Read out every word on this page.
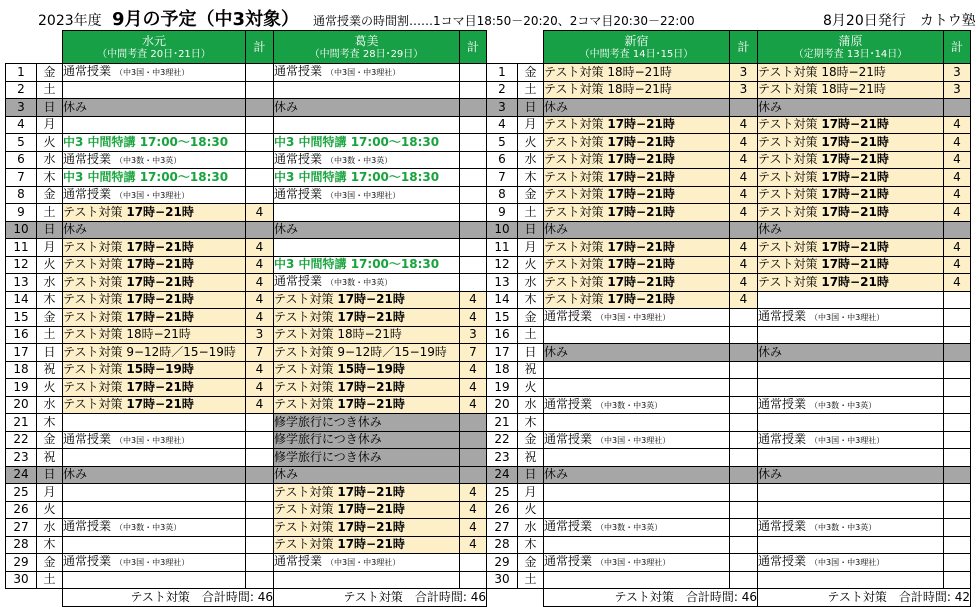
2023年度 9月の予定（中3対象） 通常授業の時間割……1コマ目18:50－20:20、2コマ目20:30－22:00	8月20日発行　カトウ塾
		水元
（中間考査 20日･21日）	計	葛美
（中間考査 28日･29日）	計
1	金	通常授業 （中3国・中3理社）		通常授業 （中3国・中3理社）	
2	土				
3	日	休み		休み	
4	月				
5	火	中3 中間特講 17:00～18:30		中3 中間特講 17:00～18:30	
6	水	通常授業 （中3数・中3英）		通常授業 （中3数・中3英）	
7	木	中3 中間特講 17:00～18:30		中3 中間特講 17:00～18:30	
8	金	通常授業 （中3国・中3理社）		通常授業 （中3国・中3理社）	
9	土	テスト対策 17時−21時	4		
10	日	休み		休み	
11	月	テスト対策 17時−21時	4		
12	火	テスト対策 17時−21時	4	中3 中間特講 17:00～18:30	
13	水	テスト対策 17時−21時	4	通常授業 （中3数・中3英）	
14	木	テスト対策 17時−21時	4	テスト対策 17時−21時	4
15	金	テスト対策 17時−21時	4	テスト対策 17時−21時	4
16	土	テスト対策 18時−21時	3	テスト対策 18時−21時	3
17	日	テスト対策 9−12時／15−19時	7	テスト対策 9−12時／15−19時	7
18	祝	テスト対策 15時−19時	4	テスト対策 15時−19時	4
19	火	テスト対策 17時−21時	4	テスト対策 17時−21時	4
20	水	テスト対策 17時−21時	4	テスト対策 17時−21時	4
21	木			修学旅行につき休み	
22	金	通常授業 （中3国・中3理社）		修学旅行につき休み	
23	祝			修学旅行につき休み	
24	日	休み		休み	
25	月			テスト対策 17時−21時	4
26	火			テスト対策 17時−21時	4
27	水	通常授業 （中3数・中3英）		テスト対策 17時−21時	4
28	木			テスト対策 17時−21時	4
29	金	通常授業 （中3国・中3理社）		通常授業 （中3国・中3理社）	
30	土				
		テスト対策　合計時間: 46		テスト対策　合計時間: 46	
		新宿
（中間考査 14日･15日）	計	蒲原
（定期考査 13日･14日）	計
1	金	テスト対策 18時−21時	3	テスト対策 18時−21時	3
2	土	テスト対策 18時−21時	3	テスト対策 18時−21時	3
3	日	休み		休み	
4	月	テスト対策 17時−21時	4	テスト対策 17時−21時	4
5	火	テスト対策 17時−21時	4	テスト対策 17時−21時	4
6	水	テスト対策 17時−21時	4	テスト対策 17時−21時	4
7	木	テスト対策 17時−21時	4	テスト対策 17時−21時	4
8	金	テスト対策 17時−21時	4	テスト対策 17時−21時	4
9	土	テスト対策 17時−21時	4	テスト対策 17時−21時	4
10	日	休み		休み	
11	月	テスト対策 17時−21時	4	テスト対策 17時−21時	4
12	火	テスト対策 17時−21時	4	テスト対策 17時−21時	4
13	水	テスト対策 17時−21時	4	テスト対策 17時−21時	4
14	木	テスト対策 17時−21時	4		
15	金	通常授業 （中3国・中3理社）		通常授業 （中3国・中3理社）	
16	土				
17	日	休み		休み	
18	祝				
19	火				
20	水	通常授業 （中3数・中3英）		通常授業 （中3数・中3英）	
21	木				
22	金	通常授業 （中3国・中3理社）		通常授業 （中3国・中3理社）	
23	祝				
24	日	休み		休み	
25	月				
26	火				
27	水	通常授業 （中3数・中3英）		通常授業 （中3数・中3英）	
28	木				
29	金	通常授業 （中3国・中3理社）		通常授業 （中3国・中3理社）	
30	土				
		テスト対策　合計時間: 46		テスト対策　合計時間: 42	
